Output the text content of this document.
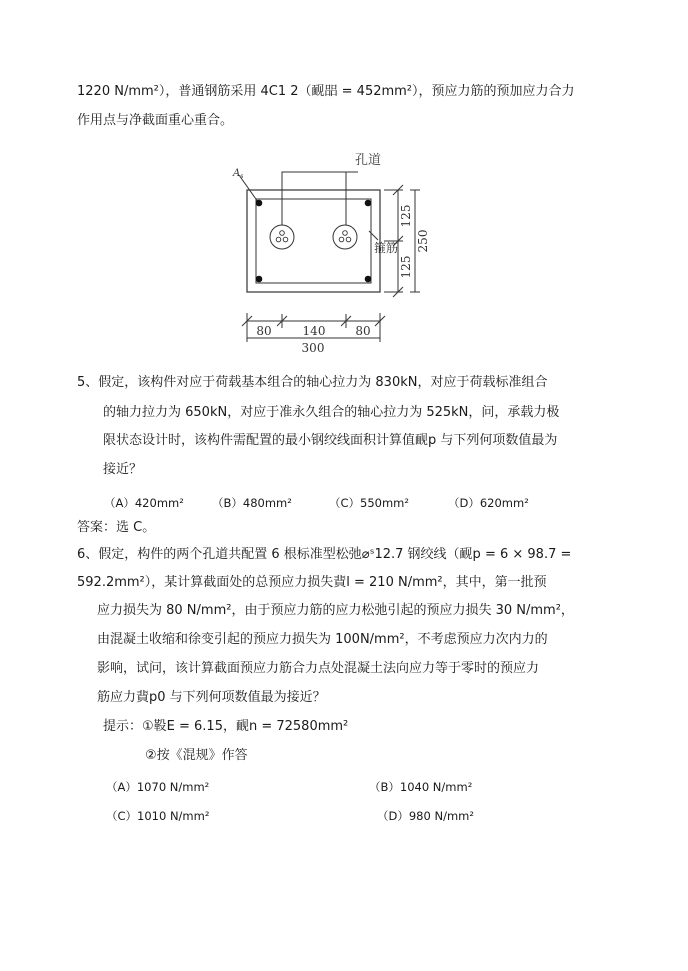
1220 N/mm²），普通钢筋采用 4C1 2（䩄㗊 = 452mm²），预应力筋的预加应力合力
作用点与净截面重心重合。
$A_s$
孔道
箍筋
125
125
250
80	140 80
300
5、假定，该构件对应于荷载基本组合的轴心拉力为 830kN，对应于荷载标准组合
的轴力拉力为 650kN，对应于准永久组合的轴心拉力为 525kN，问，承载力极
限状态设计时，该构件需配置的最小钢绞线面积计算值䩄p 与下列何项数值最为
接近？
（A）420mm² （B）480mm²	（C）550mm²	（D）620mm²
答案：选 C。
6、假定，构件的两个孔道共配置 6 根标准型松弛⌀ˢ12.7 钢绞线（䩄p = 6 × 98.7 =
592.2mm²），某计算截面处的总预应力损失䩀l = 210 N/mm²，其中，第一批预
应力损失为 80 N/mm²，由于预应力筋的应力松弛引起的预应力损失 30 N/mm²，
由混凝土收缩和徐变引起的预应力损失为 100N/mm²，不考虑预应力次内力的
影响，试问，该计算截面预应力筋合力点处混凝土法向应力等于零时的预应力
筋应力䩀p0 与下列何项数值最为接近？
提示：①䩔E = 6.15，䩄n = 72580mm²
②按《混规》作答
（A）1070 N/mm²	（B）1040 N/mm²
（C）1010 N/mm²	（D）980 N/mm²
